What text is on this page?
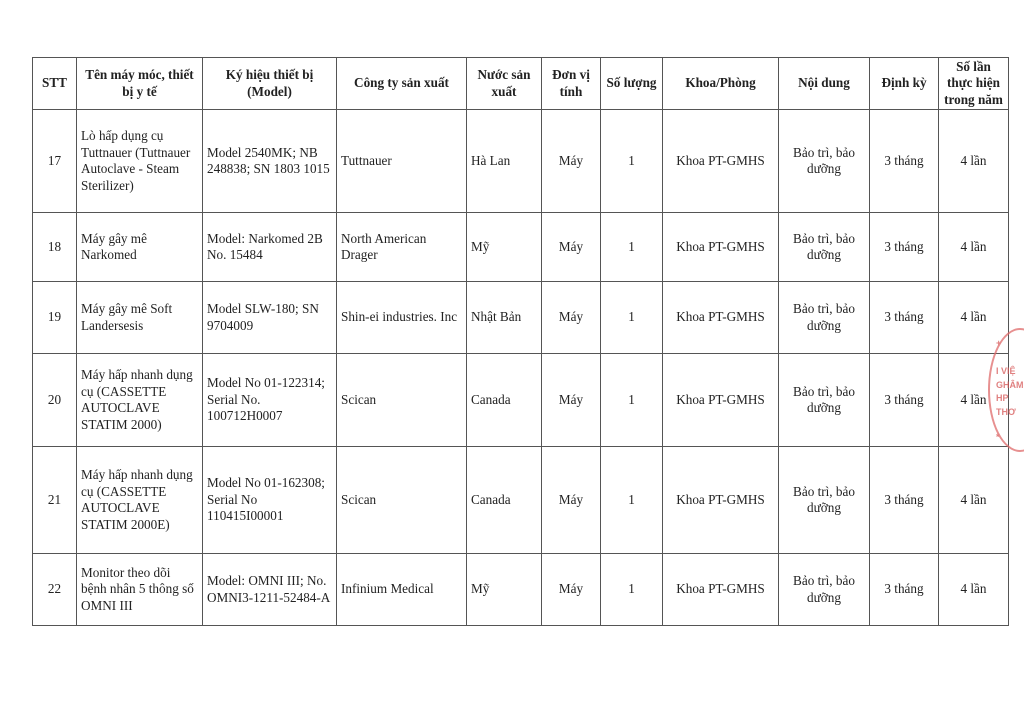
STT	Tên máy móc, thiết bị y tế	Ký hiệu thiết bị (Model)	Công ty sản xuất	Nước sản xuất	Đơn vị tính	Số lượng	Khoa/Phòng	Nội dung	Định kỳ	Số lần thực hiện trong năm
17	Lò hấp dụng cụ Tuttnauer (Tuttnauer Autoclave - Steam Sterilizer)	Model 2540MK; NB 248838; SN 1803 1015	Tuttnauer	Hà Lan	Máy	1	Khoa PT-GMHS	Bảo trì, bảo dưỡng	3 tháng	4 lần
18	Máy gây mê Narkomed	Model: Narkomed 2B No. 15484	North American Drager	Mỹ	Máy	1	Khoa PT-GMHS	Bảo trì, bảo dưỡng	3 tháng	4 lần
19	Máy gây mê Soft Landersesis	Model SLW-180; SN 9704009	Shin-ei industries. Inc	Nhật Bản	Máy	1	Khoa PT-GMHS	Bảo trì, bảo dưỡng	3 tháng	4 lần
20	Máy hấp nhanh dụng cụ (CASSETTE AUTOCLAVE STATIM 2000)	Model No 01-122314; Serial No. 100712H0007	Scican	Canada	Máy	1	Khoa PT-GMHS	Bảo trì, bảo dưỡng	3 tháng	4 lần
21	Máy hấp nhanh dụng cụ (CASSETTE AUTOCLAVE STATIM 2000E)	Model No 01-162308; Serial No 110415I00001	Scican	Canada	Máy	1	Khoa PT-GMHS	Bảo trì, bảo dưỡng	3 tháng	4 lần
22	Monitor theo dõi bệnh nhân 5 thông số OMNI III	Model: OMNI III; No. OMNI3-1211-52484-A	Infinium Medical	Mỹ	Máy	1	Khoa PT-GMHS	Bảo trì, bảo dưỡng	3 tháng	4 lần
+
I VIỆ
GHÂM
HP
THƠ
*
